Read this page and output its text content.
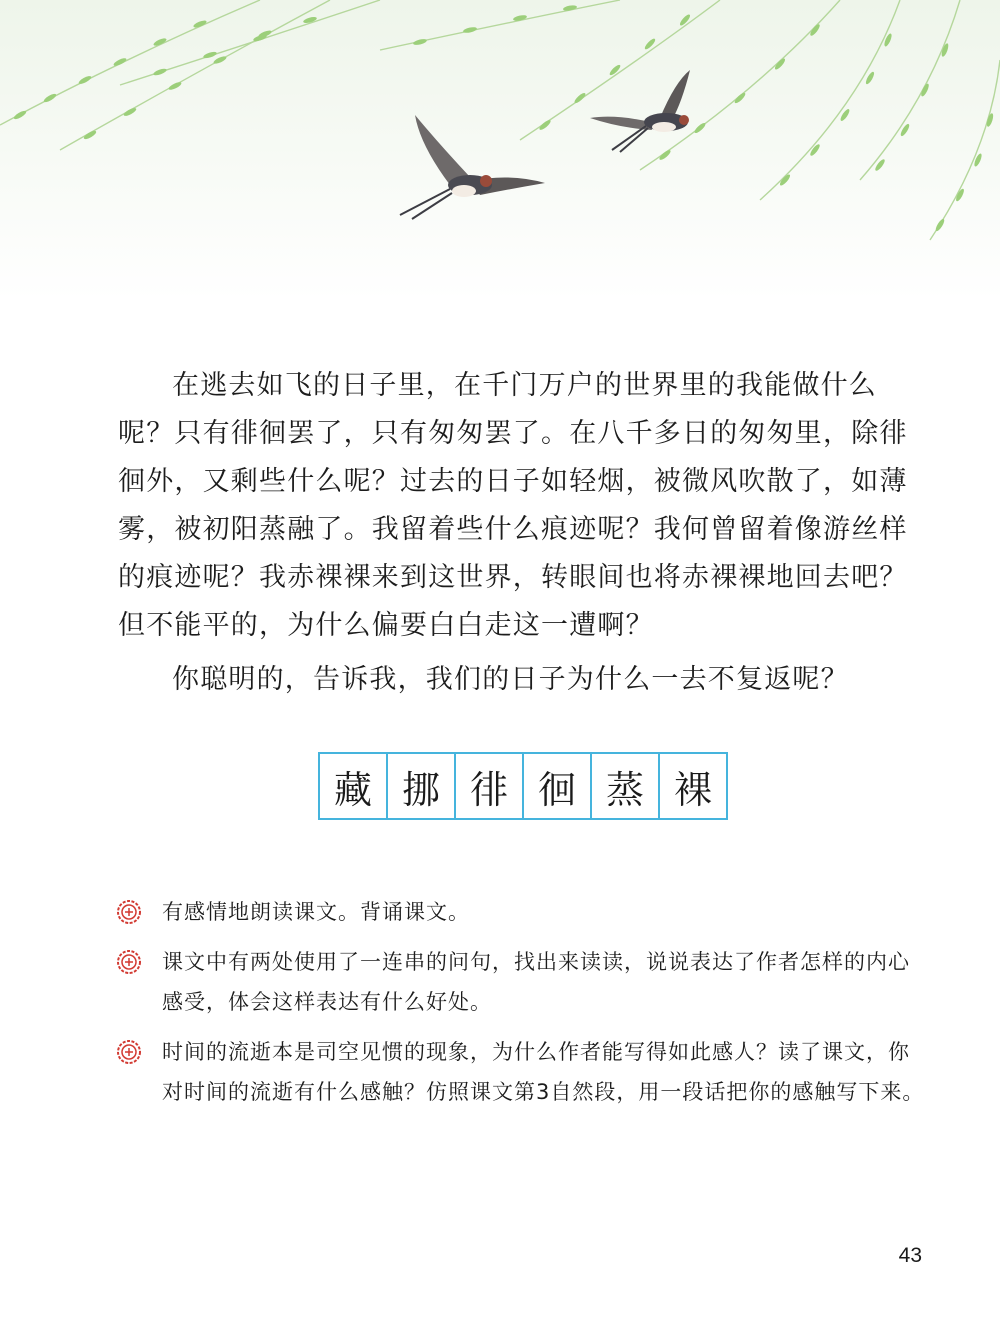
在逃去如飞的日子里，在千门万户的世界里的我能做什么呢？只有徘徊罢了，只有匆匆罢了。在八千多日的匆匆里，除徘徊外，又剩些什么呢？过去的日子如轻烟，被微风吹散了，如薄雾，被初阳蒸融了。我留着些什么痕迹呢？我何曾留着像游丝样的痕迹呢？我赤裸裸来到这世界，转眼间也将赤裸裸地回去吧？但不能平的，为什么偏要白白走这一遭啊？

你聪明的，告诉我，我们的日子为什么一去不复返呢？

藏 挪 徘 徊 蒸 裸
有感情地朗读课文。背诵课文。
课文中有两处使用了一连串的问句，找出来读读，说说表达了作者怎样的内心感受，体会这样表达有什么好处。
时间的流逝本是司空见惯的现象，为什么作者能写得如此感人？读了课文，你对时间的流逝有什么感触？仿照课文第3自然段，用一段话把你的感触写下来。
43
